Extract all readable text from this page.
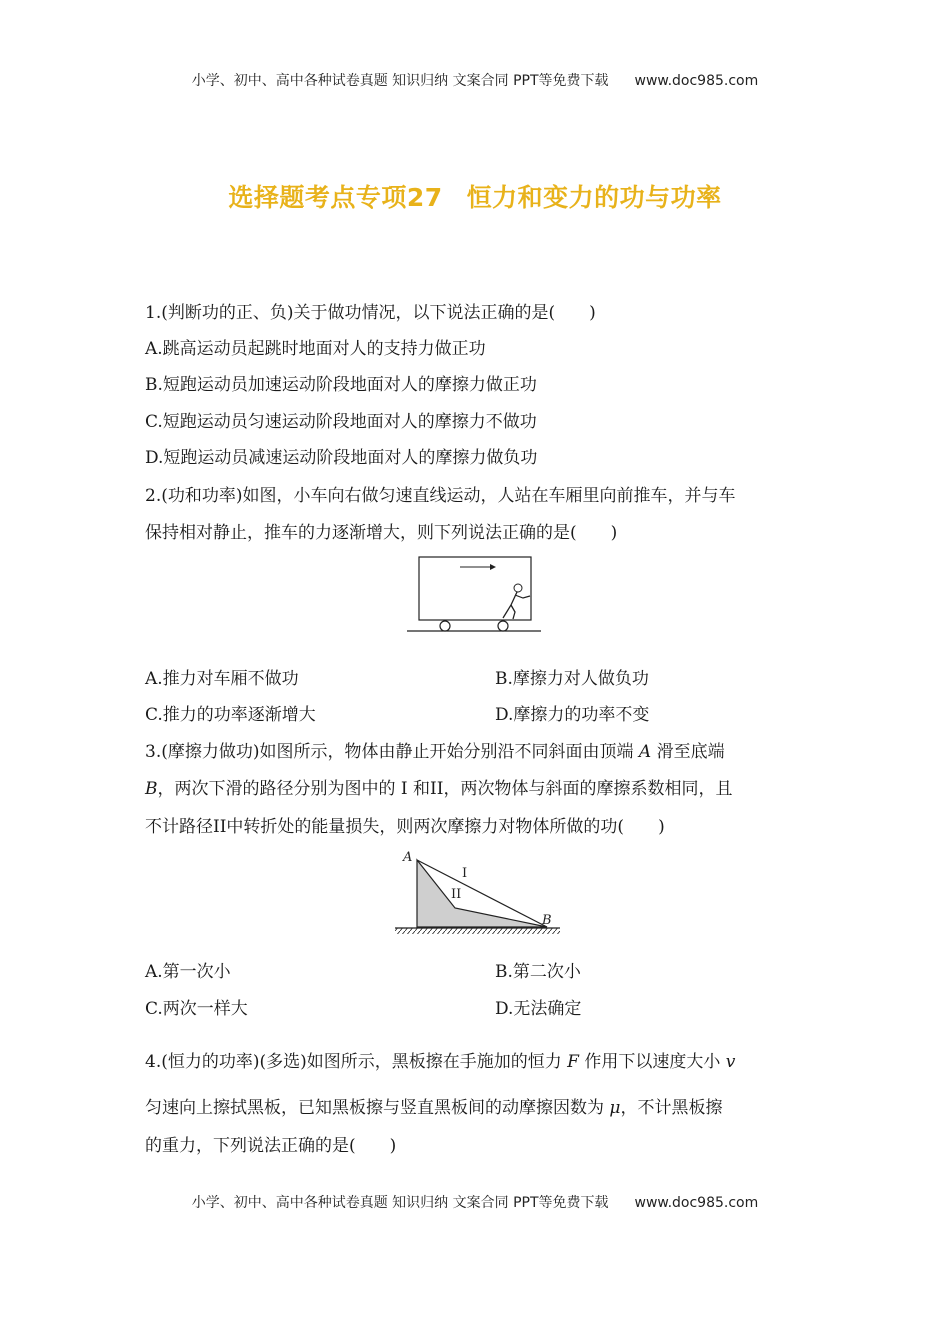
小学、初中、高中各种试卷真题 知识归纳 文案合同 PPT等免费下载 www.doc985.com
选择题考点专项27 恒力和变力的功与功率
1.(判断功的正、负)关于做功情况，以下说法正确的是( )
A.跳高运动员起跳时地面对人的支持力做正功
B.短跑运动员加速运动阶段地面对人的摩擦力做正功
C.短跑运动员匀速运动阶段地面对人的摩擦力不做功
D.短跑运动员减速运动阶段地面对人的摩擦力做负功
2.(功和功率)如图，小车向右做匀速直线运动，人站在车厢里向前推车，并与车
保持相对静止，推车的力逐渐增大，则下列说法正确的是( )
A.推力对车厢不做功	B.摩擦力对人做负功
C.推力的功率逐渐增大	D.摩擦力的功率不变
3.(摩擦力做功)如图所示，物体由静止开始分别沿不同斜面由顶端 A 滑至底端
B，两次下滑的路径分别为图中的 I 和II，两次物体与斜面的摩擦系数相同，且
不计路径II中转折处的能量损失，则两次摩擦力对物体所做的功( )
A
B
I
II
A.第一次小	B.第二次小
C.两次一样大	D.无法确定
4.(恒力的功率)(多选)如图所示，黑板擦在手施加的恒力 F 作用下以速度大小 v
匀速向上擦拭黑板，已知黑板擦与竖直黑板间的动摩擦因数为 μ，不计黑板擦
的重力，下列说法正确的是( )
小学、初中、高中各种试卷真题 知识归纳 文案合同 PPT等免费下载 www.doc985.com
